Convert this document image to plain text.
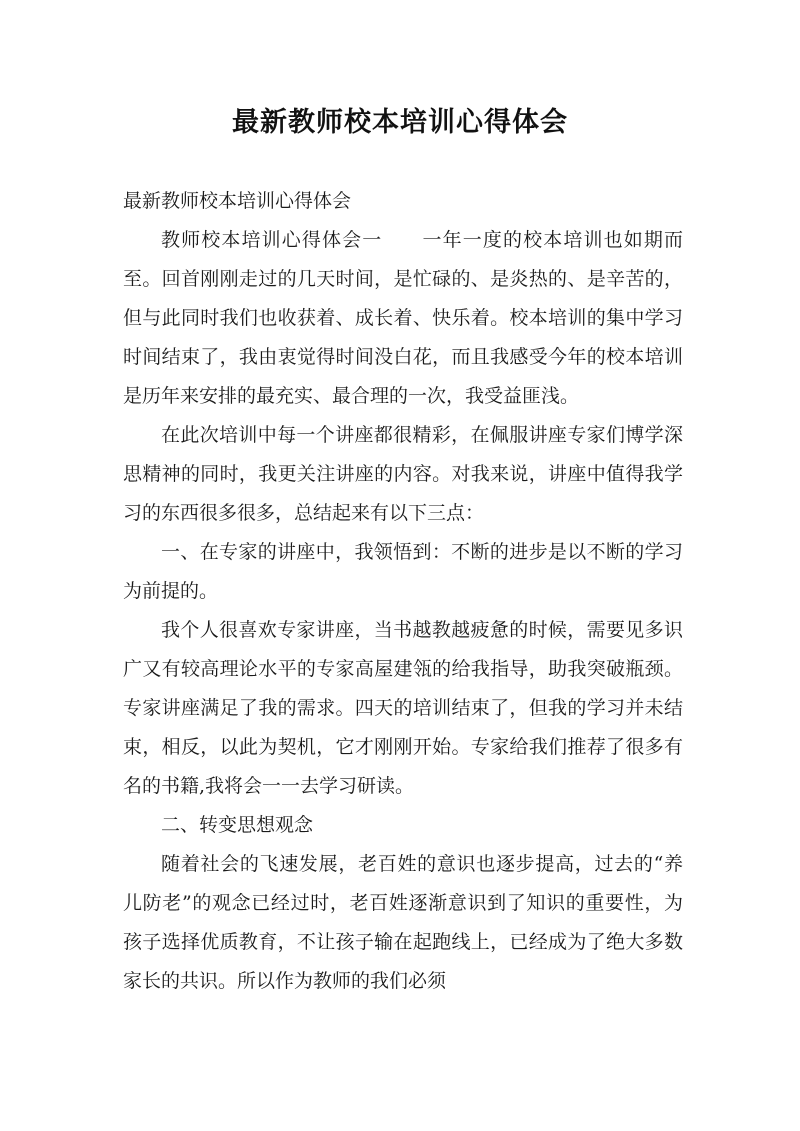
最新教师校本培训心得体会

最新教师校本培训心得体会

教师校本培训心得体会一　　一年一度的校本培训也如期而至。回首刚刚走过的几天时间，是忙碌的、是炎热的、是辛苦的，但与此同时我们也收获着、成长着、快乐着。校本培训的集中学习时间结束了，我由衷觉得时间没白花，而且我感受今年的校本培训是历年来安排的最充实、最合理的一次，我受益匪浅。

在此次培训中每一个讲座都很精彩，在佩服讲座专家们博学深思精神的同时，我更关注讲座的内容。对我来说，讲座中值得我学习的东西很多很多，总结起来有以下三点：

一、在专家的讲座中，我领悟到：不断的进步是以不断的学习为前提的。

我个人很喜欢专家讲座，当书越教越疲惫的时候，需要见多识广又有较高理论水平的专家高屋建瓴的给我指导，助我突破瓶颈。专家讲座满足了我的需求。四天的培训结束了，但我的学习并未结束，相反，以此为契机，它才刚刚开始。专家给我们推荐了很多有名的书籍,我将会一一去学习研读。

二、转变思想观念

随着社会的飞速发展，老百姓的意识也逐步提高，过去的“养儿防老”的观念已经过时，老百姓逐渐意识到了知识的重要性，为孩子选择优质教育，不让孩子输在起跑线上，已经成为了绝大多数家长的共识。所以作为教师的我们必须
